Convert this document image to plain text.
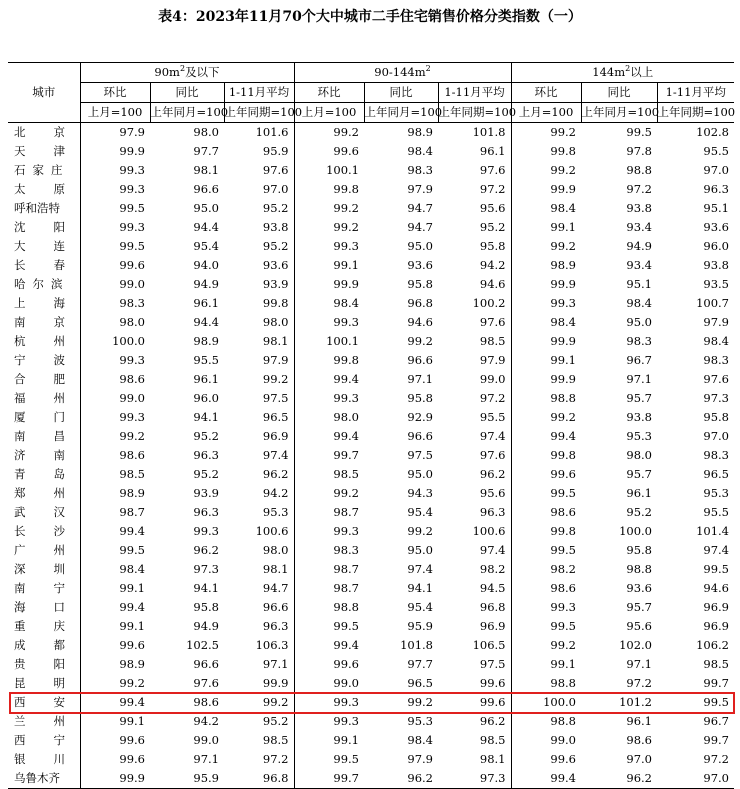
表4：2023年11月70个大中城市二手住宅销售价格分类指数（一）
城市	$90m^2$及以下			$90-144m^2$			$144m^2$以上		
	环比	同比	1-11月平均	环比	同比	1-11月平均	环比	同比	1-11月平均
	上月=100	上年同月=100	上年同期=100	上月=100	上年同月=100	上年同期=100	上月=100	上年同月=100	上年同期=100
北 京	97.9	98.0	101.6	99.2	98.9	101.8	99.2	99.5	102.8
天 津	99.9	97.7	95.9	99.6	98.4	96.1	99.8	97.8	95.5
石 家 庄	99.3	98.1	97.6	100.1	98.3	97.6	99.2	98.8	97.0
太 原	99.3	96.6	97.0	99.8	97.9	97.2	99.9	97.2	96.3
呼和浩特	99.5	95.0	95.2	99.2	94.7	95.6	98.4	93.8	95.1
沈 阳	99.3	94.4	93.8	99.2	94.7	95.2	99.1	93.4	93.6
大 连	99.5	95.4	95.2	99.3	95.0	95.8	99.2	94.9	96.0
长 春	99.6	94.0	93.6	99.1	93.6	94.2	98.9	93.4	93.8
哈 尔 滨	99.0	94.9	93.9	99.9	95.8	94.6	99.9	95.1	93.5
上 海	98.3	96.1	99.8	98.4	96.8	100.2	99.3	98.4	100.7
南 京	98.0	94.4	98.0	99.3	94.6	97.6	98.4	95.0	97.9
杭 州	100.0	98.9	98.1	100.1	99.2	98.5	99.9	98.3	98.4
宁 波	99.3	95.5	97.9	99.8	96.6	97.9	99.1	96.7	98.3
合 肥	98.6	96.1	99.2	99.4	97.1	99.0	99.9	97.1	97.6
福 州	99.0	96.0	97.5	99.3	95.8	97.2	98.8	95.7	97.3
厦 门	99.3	94.1	96.5	98.0	92.9	95.5	99.2	93.8	95.8
南 昌	99.2	95.2	96.9	99.4	96.6	97.4	99.4	95.3	97.0
济 南	98.6	96.3	97.4	99.7	97.5	97.6	99.8	98.0	98.3
青 岛	98.5	95.2	96.2	98.5	95.0	96.2	99.6	95.7	96.5
郑 州	98.9	93.9	94.2	99.2	94.3	95.6	99.5	96.1	95.3
武 汉	98.7	96.3	95.3	98.7	95.4	96.3	98.6	95.2	95.5
长 沙	99.4	99.3	100.6	99.3	99.2	100.6	99.8	100.0	101.4
广 州	99.5	96.2	98.0	98.3	95.0	97.4	99.5	95.8	97.4
深 圳	98.4	97.3	98.1	98.7	97.4	98.2	98.2	98.8	99.5
南 宁	99.1	94.1	94.7	98.7	94.1	94.5	98.6	93.6	94.6
海 口	99.4	95.8	96.6	98.8	95.4	96.8	99.3	95.7	96.9
重 庆	99.1	94.9	96.3	99.5	95.9	96.9	99.5	95.6	96.9
成 都	99.6	102.5	106.3	99.4	101.8	106.5	99.2	102.0	106.2
贵 阳	98.9	96.6	97.1	99.6	97.7	97.5	99.1	97.1	98.5
昆 明	99.2	97.6	99.9	99.0	96.5	99.6	98.8	97.2	99.7
西 安	99.4	98.6	99.2	99.3	99.2	99.6	100.0	101.2	99.5
兰 州	99.1	94.2	95.2	99.3	95.3	96.2	98.8	96.1	96.7
西 宁	99.6	99.0	98.5	99.1	98.4	98.5	99.0	98.6	99.7
银 川	99.6	97.1	97.2	99.5	97.9	98.1	99.6	97.0	97.2
乌鲁木齐	99.9	95.9	96.8	99.7	96.2	97.3	99.4	96.2	97.0
